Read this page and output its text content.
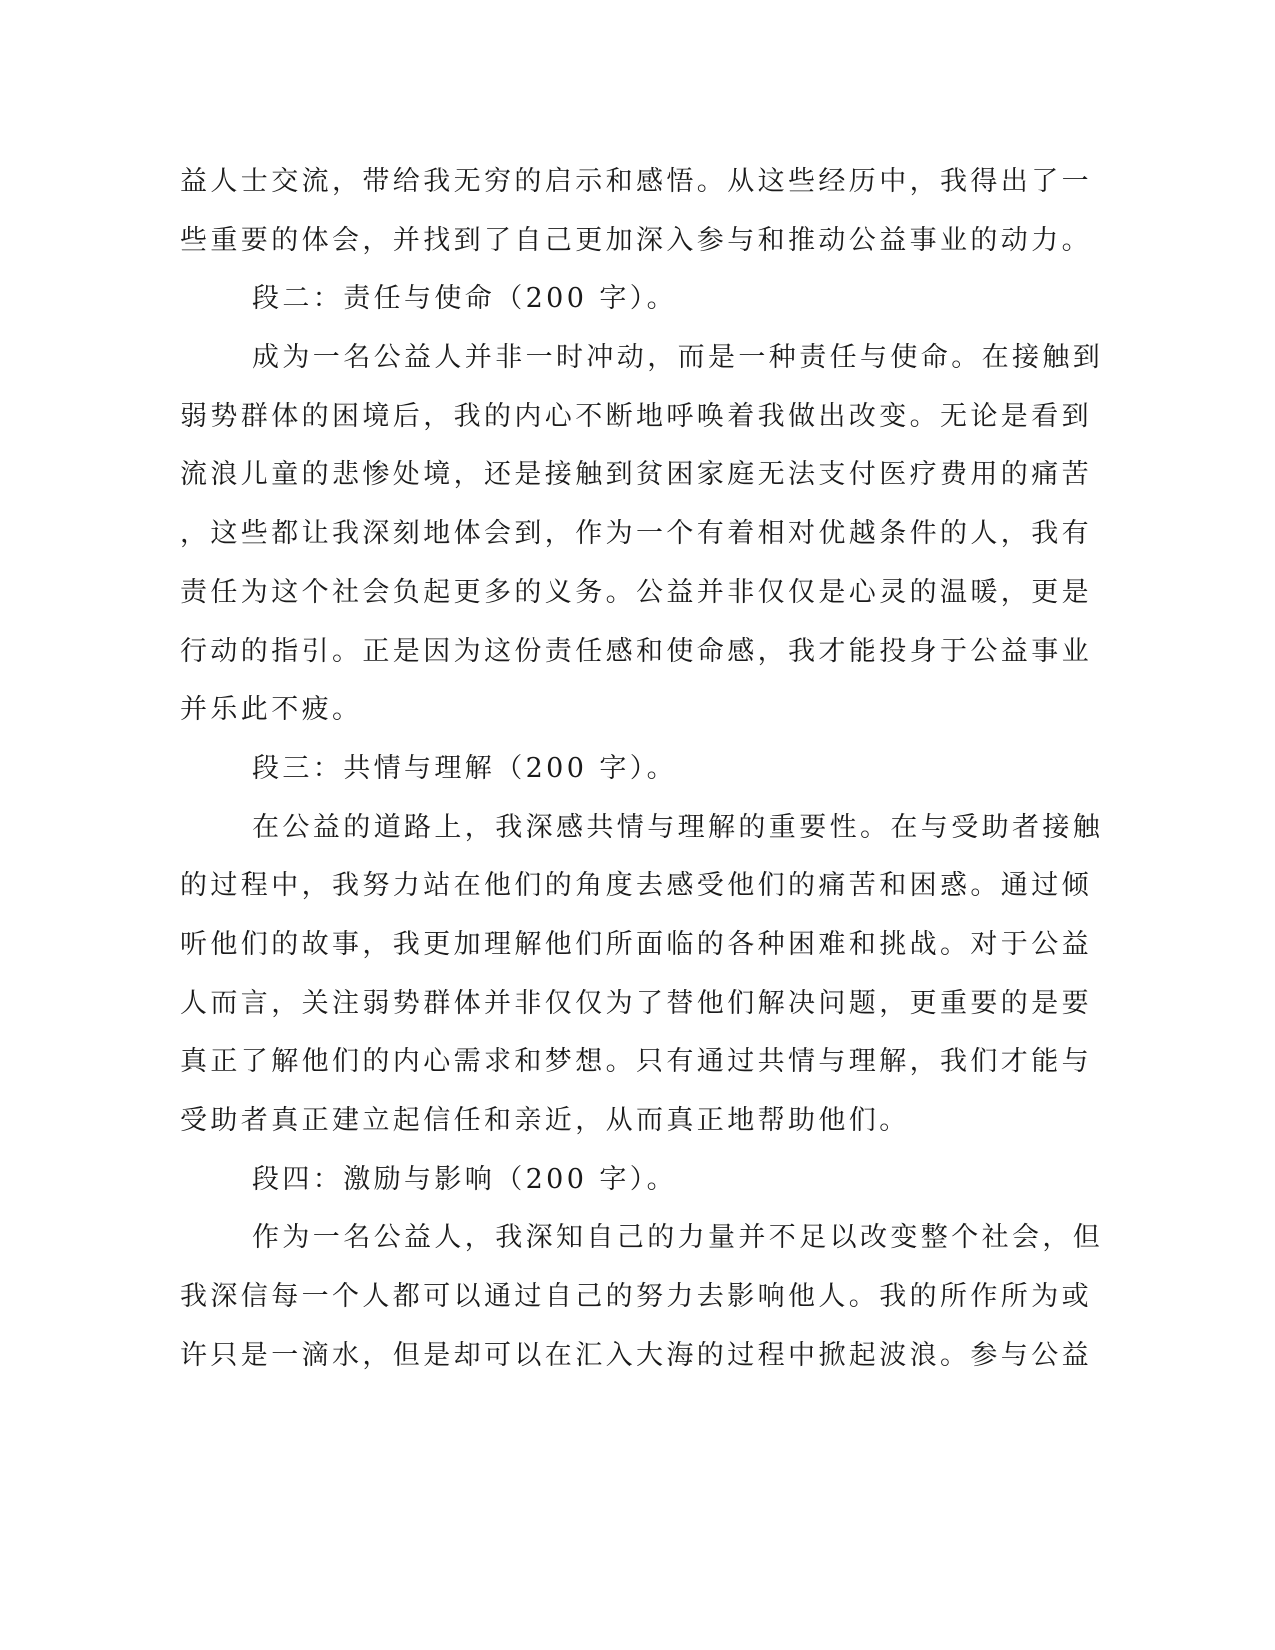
益人士交流，带给我无穷的启示和感悟。从这些经历中，我得出了一
些重要的体会，并找到了自己更加深入参与和推动公益事业的动力。
段二：责任与使命（200 字）。
成为一名公益人并非一时冲动，而是一种责任与使命。在接触到
弱势群体的困境后，我的内心不断地呼唤着我做出改变。无论是看到
流浪儿童的悲惨处境，还是接触到贫困家庭无法支付医疗费用的痛苦
，这些都让我深刻地体会到，作为一个有着相对优越条件的人，我有
责任为这个社会负起更多的义务。公益并非仅仅是心灵的温暖，更是
行动的指引。正是因为这份责任感和使命感，我才能投身于公益事业
并乐此不疲。
段三：共情与理解（200 字）。
在公益的道路上，我深感共情与理解的重要性。在与受助者接触
的过程中，我努力站在他们的角度去感受他们的痛苦和困惑。通过倾
听他们的故事，我更加理解他们所面临的各种困难和挑战。对于公益
人而言，关注弱势群体并非仅仅为了替他们解决问题，更重要的是要
真正了解他们的内心需求和梦想。只有通过共情与理解，我们才能与
受助者真正建立起信任和亲近，从而真正地帮助他们。
段四：激励与影响（200 字）。
作为一名公益人，我深知自己的力量并不足以改变整个社会，但
我深信每一个人都可以通过自己的努力去影响他人。我的所作所为或
许只是一滴水，但是却可以在汇入大海的过程中掀起波浪。参与公益
